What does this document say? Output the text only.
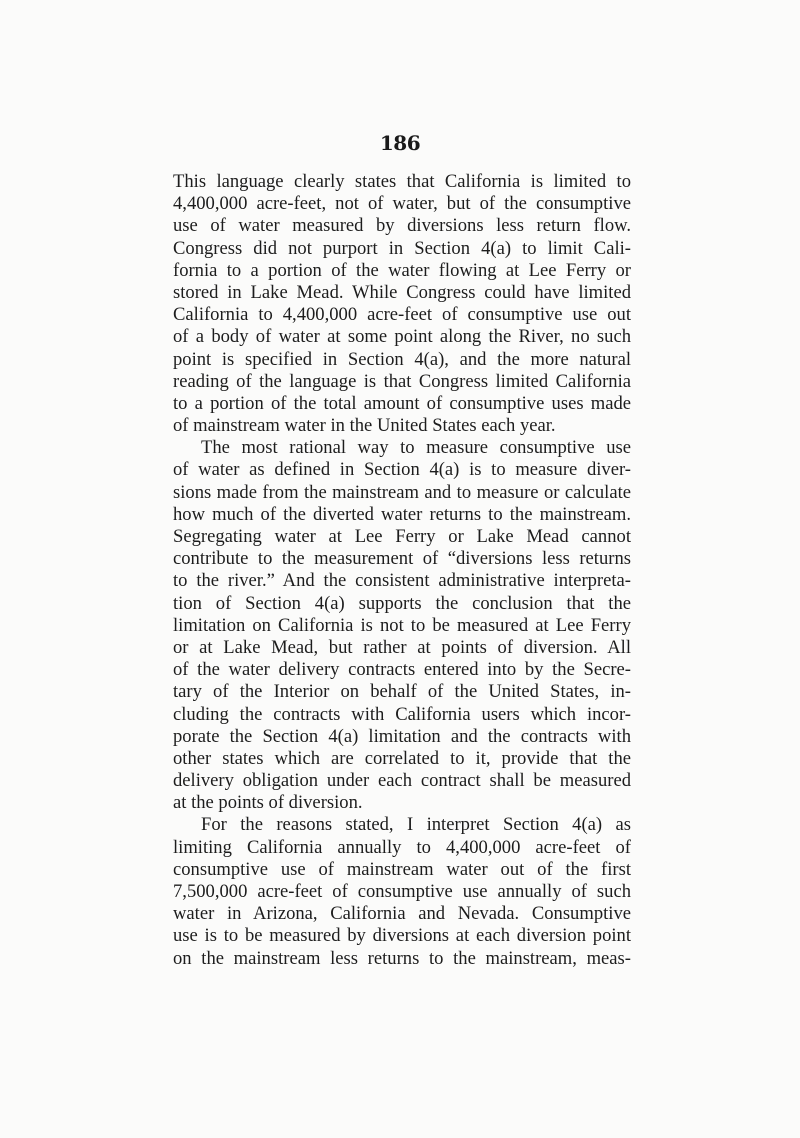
186
This language clearly states that California is limited to
4,400,000 acre-feet, not of water, but of the consumptive
use of water measured by diversions less return flow.
Congress did not purport in Section 4(a) to limit Cali-
fornia to a portion of the water flowing at Lee Ferry or
stored in Lake Mead. While Congress could have limited
California to 4,400,000 acre-feet of consumptive use out
of a body of water at some point along the River, no such
point is specified in Section 4(a), and the more natural
reading of the language is that Congress limited California
to a portion of the total amount of consumptive uses made
of mainstream water in the United States each year.
The most rational way to measure consumptive use
of water as defined in Section 4(a) is to measure diver-
sions made from the mainstream and to measure or calculate
how much of the diverted water returns to the mainstream.
Segregating water at Lee Ferry or Lake Mead cannot
contribute to the measurement of “diversions less returns
to the river.” And the consistent administrative interpreta-
tion of Section 4(a) supports the conclusion that the
limitation on California is not to be measured at Lee Ferry
or at Lake Mead, but rather at points of diversion. All
of the water delivery contracts entered into by the Secre-
tary of the Interior on behalf of the United States, in-
cluding the contracts with California users which incor-
porate the Section 4(a) limitation and the contracts with
other states which are correlated to it, provide that the
delivery obligation under each contract shall be measured
at the points of diversion.
For the reasons stated, I interpret Section 4(a) as
limiting California annually to 4,400,000 acre-feet of
consumptive use of mainstream water out of the first
7,500,000 acre-feet of consumptive use annually of such
water in Arizona, California and Nevada. Consumptive
use is to be measured by diversions at each diversion point
on the mainstream less returns to the mainstream, meas-
